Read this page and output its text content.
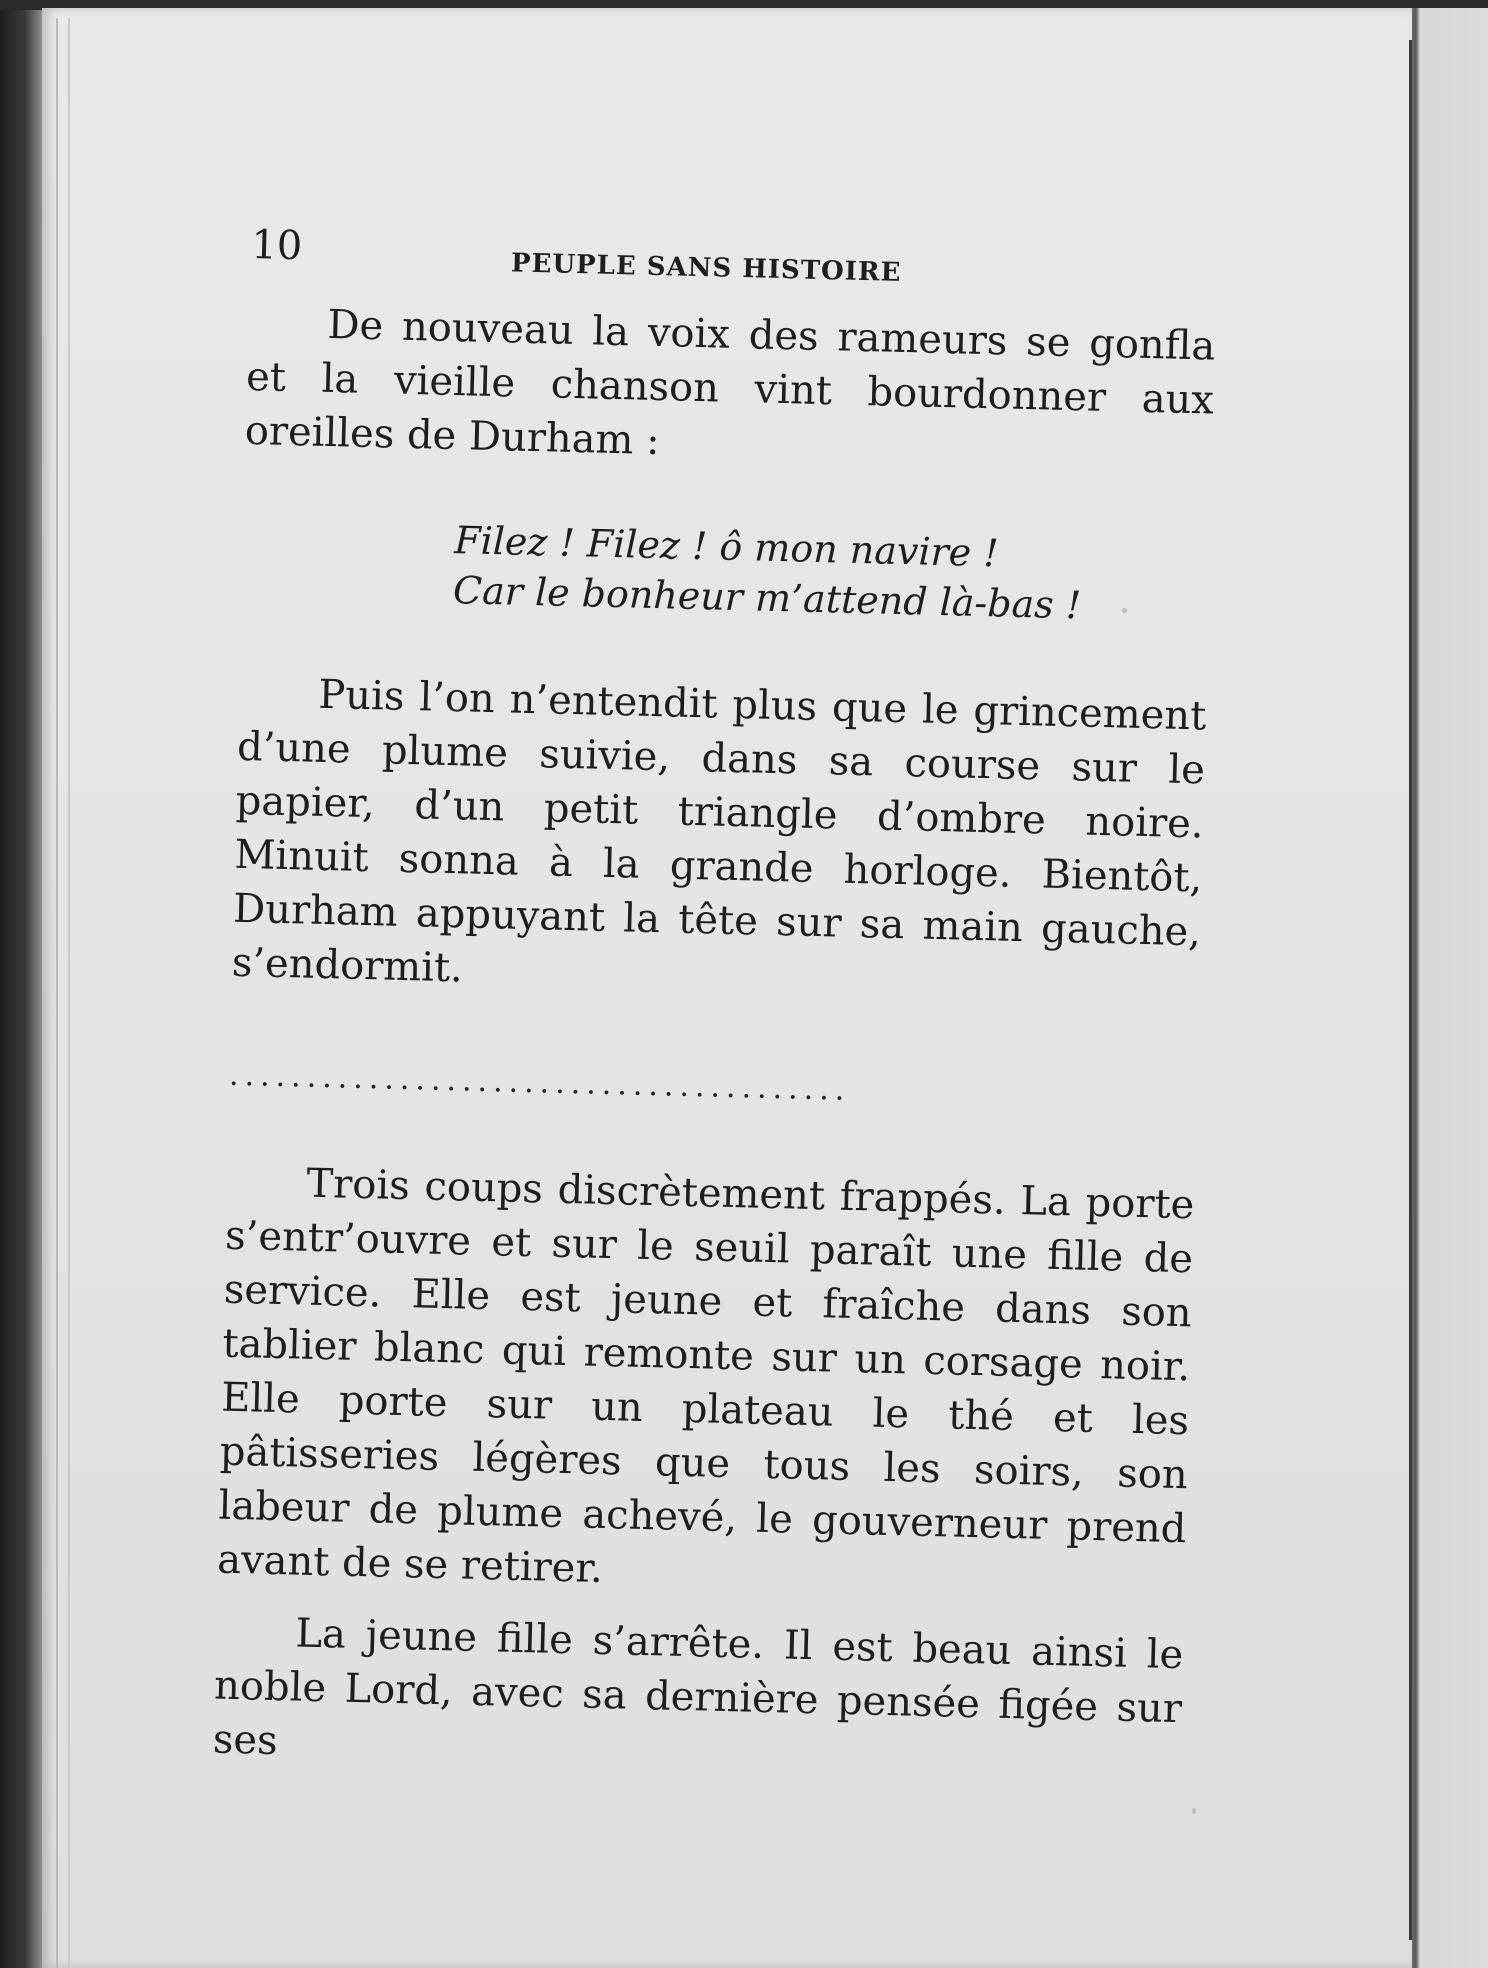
10	PEUPLE SANS HISTOIRE

De nouveau la voix des rameurs se gonfla et la vieille chanson vint bourdonner aux oreilles de Durham :

Filez ! Filez ! ô mon navire !
Car le bonheur m’attend là-bas !

Puis l’on n’entendit plus que le grincement d’une plume suivie, dans sa course sur le papier, d’un petit triangle d’ombre noire. Minuit sonna à la grande horloge. Bientôt, Durham appuyant la tête sur sa main gauche, s’endormit.

........................................

Trois coups discrètement frappés. La porte s’entr’ouvre et sur le seuil paraît une fille de service. Elle est jeune et fraîche dans son tablier blanc qui remonte sur un corsage noir. Elle porte sur un plateau le thé et les pâtisseries légères que tous les soirs, son labeur de plume achevé, le gouverneur prend avant de se retirer.

La jeune fille s’arrête. Il est beau ainsi le noble Lord, avec sa dernière pensée figée sur ses
